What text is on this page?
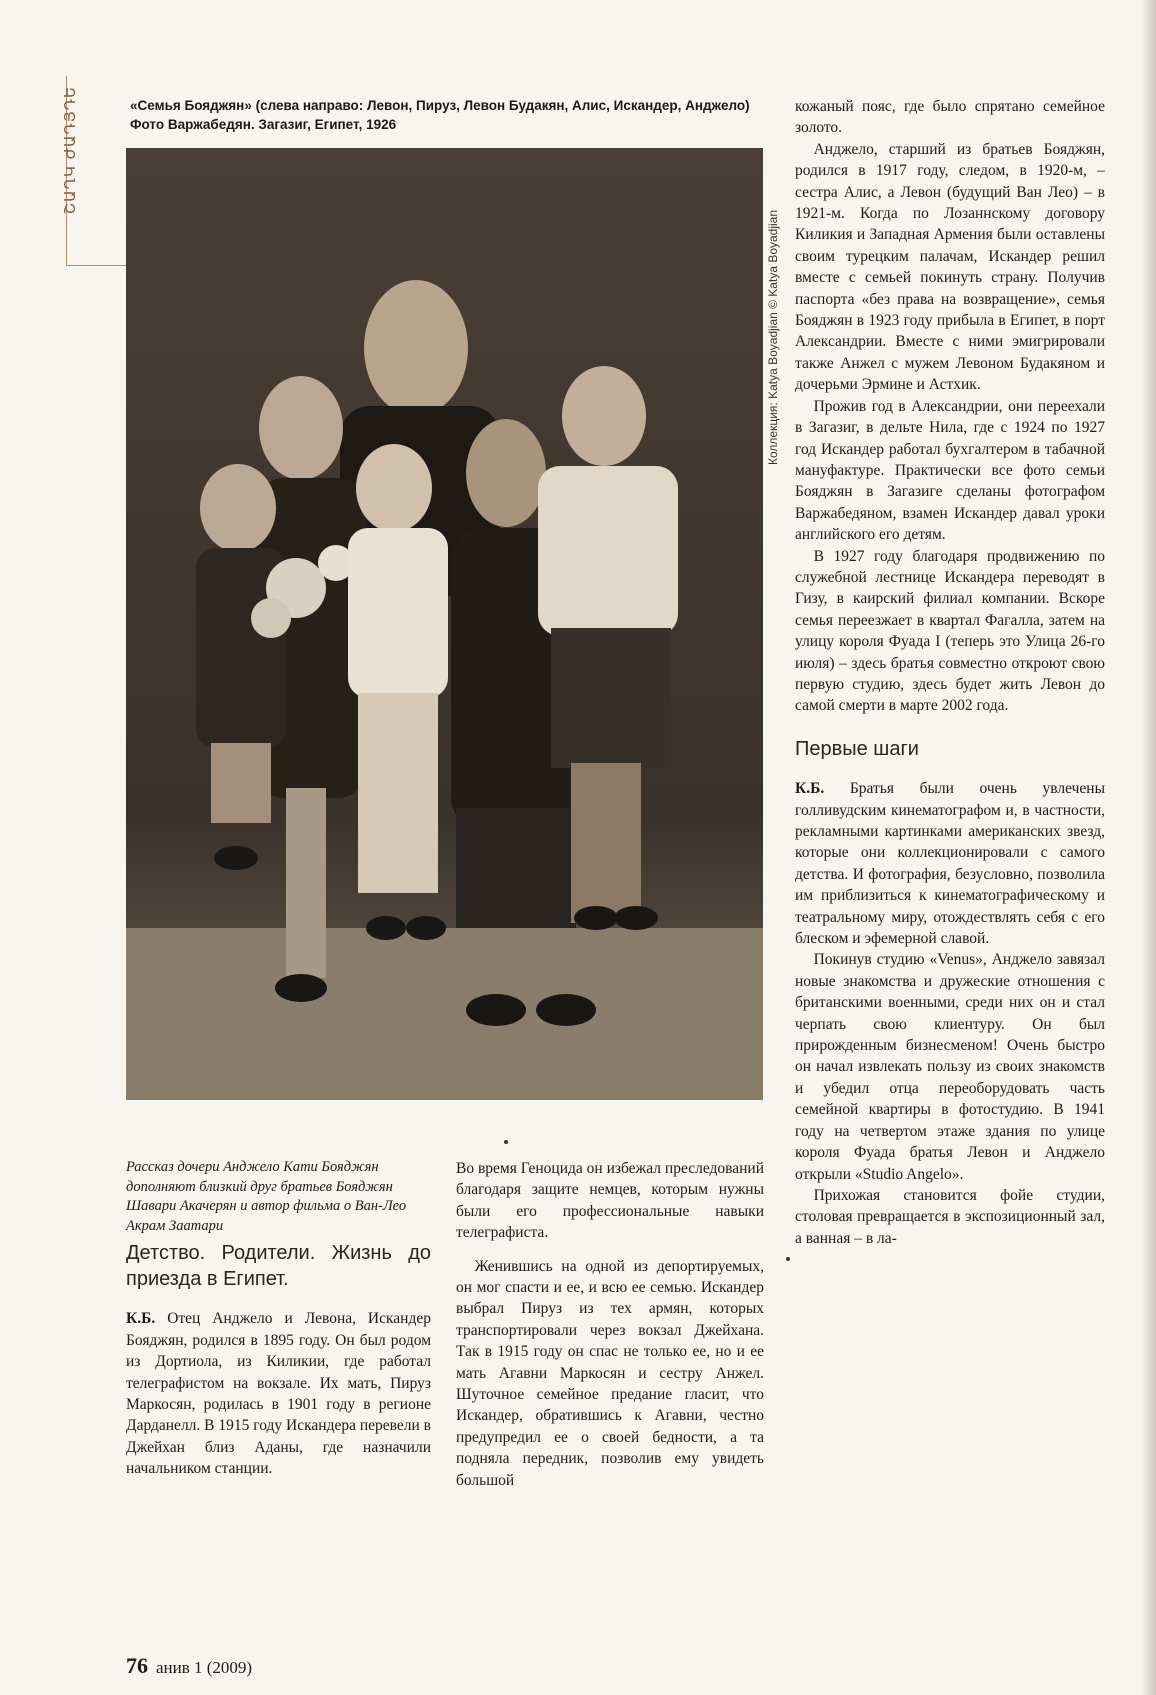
ՇԱՂԿ ԺԱԴՅԴԵ	«Семья Бояджян» (слева направо: Левон, Пируз, Левон Будакян, Алис, Искандер, Анджело)
Фото Варжабедян. Загазиг, Египет, 1926
Коллекция: Katya Boyadjian © Katya Boyadjian

кожаный пояс, где было спрятано семейное золото.

Анджело, старший из братьев Бояджян, родился в 1917 году, следом, в 1920-м, – сестра Алис, а Левон (будущий Ван Лео) – в 1921-м. Когда по Лозаннскому договору Киликия и Западная Армения были оставлены своим турецким палачам, Искандер решил вместе с семьей покинуть страну. Получив паспорта «без права на возвращение», семья Бояджян в 1923 году прибыла в Египет, в порт Александрии. Вместе с ними эмигрировали также Анжел с мужем Левоном Будакяном и дочерьми Эрмине и Астхик.

Прожив год в Александрии, они переехали в Загазиг, в дельте Нила, где с 1924 по 1927 год Искандер работал бухгалтером в табачной мануфактуре. Практически все фото семьи Бояджян в Загазиге сделаны фотографом Варжабедяном, взамен Искандер давал уроки английского его детям.

В 1927 году благодаря продвижению по служебной лестнице Искандера переводят в Гизу, в каирский филиал компании. Вскоре семья переезжает в квартал Фагалла, затем на улицу короля Фуада I (теперь это Улица 26-го июля) – здесь братья совместно откроют свою первую студию, здесь будет жить Левон до самой смерти в марте 2002 года.

Первые шаги

К.Б. Братья были очень увлечены голливудским кинематографом и, в частности, рекламными картинками американских звезд, которые они коллекционировали с самого детства. И фотография, безусловно, позволила им приблизиться к кинематографическому и театральному миру, отождествлять себя с его блеском и эфемерной славой.

Покинув студию «Venus», Анджело завязал новые знакомства и дружеские отношения с британскими военными, среди них он и стал черпать свою клиентуру. Он был прирожденным бизнесменом! Очень быстро он начал извлекать пользу из своих знакомств и убедил отца переоборудовать часть семейной квартиры в фотостудию. В 1941 году на четвертом этаже здания по улице короля Фуада братья Левон и Анджело открыли «Studio Angelo».

Прихожая становится фойе студии, столовая превращается в экспозиционный зал, а ванная – в ла-

Рассказ дочери Анджело Кати Бояджян дополняют близкий друг братьев Бояджян Шавари Акачерян и автор фильма о Ван-Лео Акрам Заатари
Детство. Родители. Жизнь до приезда в Египет.

К.Б. Отец Анджело и Левона, Искандер Бояджян, родился в 1895 году. Он был родом из Дортиола, из Киликии, где работал телеграфистом на вокзале. Их мать, Пируз Маркосян, родилась в 1901 году в регионе Дарданелл. В 1915 году Искандера перевели в Джейхан близ Аданы, где назначили начальником станции.

Во время Геноцида он избежал преследований благодаря защите немцев, которым нужны были его профессиональные навыки телеграфиста.

Женившись на одной из депортируемых, он мог спасти и ее, и всю ее семью. Искандер выбрал Пируз из тех армян, которых транспортировали через вокзал Джейхана. Так в 1915 году он спас не только ее, но и ее мать Агавни Маркосян и сестру Анжел. Шуточное семейное предание гласит, что Искандер, обратившись к Агавни, честно предупредил ее о своей бедности, а та подняла передник, позволив ему увидеть большой

76 анив 1 (2009)
